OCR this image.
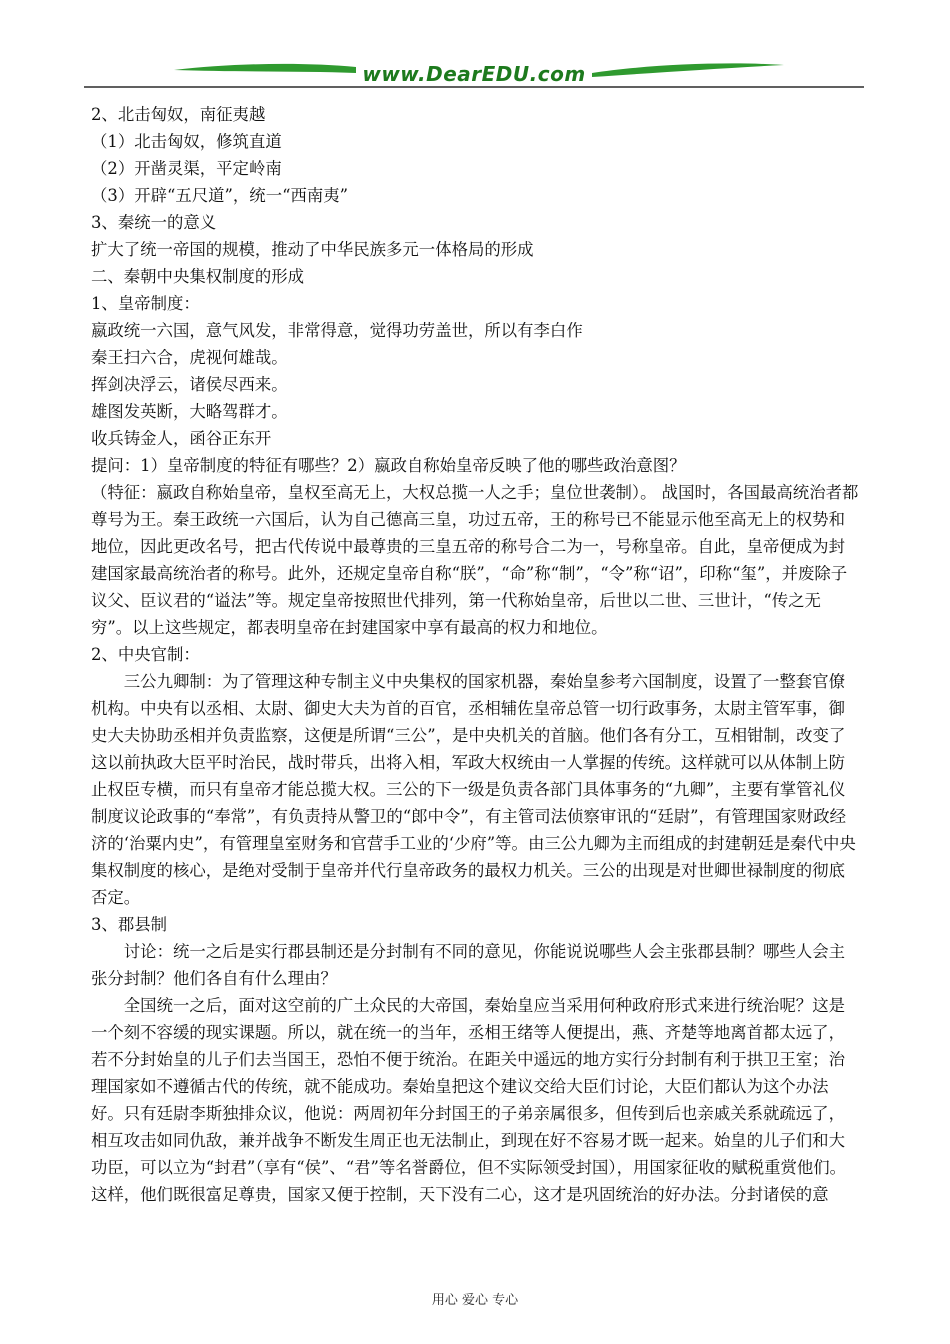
www.DearEDU.com

2、北击匈奴，南征夷越

（1）北击匈奴，修筑直道

（2）开凿灵渠，平定岭南

（3）开辟“五尺道”，统一“西南夷”

3、秦统一的意义

扩大了统一帝国的规模，推动了中华民族多元一体格局的形成

二、秦朝中央集权制度的形成

1、皇帝制度：

嬴政统一六国，意气风发，非常得意，觉得功劳盖世，所以有李白作

秦王扫六合，虎视何雄哉。

挥剑决浮云，诸侯尽西来。

雄图发英断，大略驾群才。

收兵铸金人，函谷正东开

提问：1）皇帝制度的特征有哪些？2）嬴政自称始皇帝反映了他的哪些政治意图？

（特征：嬴政自称始皇帝，皇权至高无上，大权总揽一人之手；皇位世袭制）。 战国时，各国最高统治者都尊号为王。秦王政统一六国后，认为自己德高三皇，功过五帝，王的称号已不能显示他至高无上的权势和地位，因此更改名号，把古代传说中最尊贵的三皇五帝的称号合二为一，号称皇帝。自此，皇帝便成为封建国家最高统治者的称号。此外，还规定皇帝自称“朕”，“命”称“制”，“令”称“诏”，印称“玺”，并废除子议父、臣议君的“谥法”等。规定皇帝按照世代排列，第一代称始皇帝，后世以二世、三世计，“传之无穷”。以上这些规定，都表明皇帝在封建国家中享有最高的权力和地位。

2、中央官制：

三公九卿制：为了管理这种专制主义中央集权的国家机器，秦始皇参考六国制度，设置了一整套官僚机构。中央有以丞相、太尉、御史大夫为首的百官，丞相辅佐皇帝总管一切行政事务，太尉主管军事，御史大夫协助丞相并负责监察，这便是所谓“三公”，是中央机关的首脑。他们各有分工，互相钳制，改变了这以前执政大臣平时治民，战时带兵，出将入相，军政大权统由一人掌握的传统。这样就可以从体制上防止权臣专横，而只有皇帝才能总揽大权。三公的下一级是负责各部门具体事务的“九卿”，主要有掌管礼仪制度议论政事的“奉常”，有负责持从警卫的“郎中令”，有主管司法侦察审讯的“廷尉”，有管理国家财政经济的‘治粟内史”，有管理皇室财务和官营手工业的‘少府”等。由三公九卿为主而组成的封建朝廷是秦代中央集权制度的核心，是绝对受制于皇帝并代行皇帝政务的最权力机关。三公的出现是对世卿世禄制度的彻底否定。

3、郡县制

讨论：统一之后是实行郡县制还是分封制有不同的意见，你能说说哪些人会主张郡县制？哪些人会主张分封制？他们各自有什么理由？

全国统一之后，面对这空前的广土众民的大帝国，秦始皇应当采用何种政府形式来进行统治呢？这是一个刻不容缓的现实课题。所以，就在统一的当年，丞相王绪等人便提出，燕、齐楚等地离首都太远了，若不分封始皇的儿子们去当国王，恐怕不便于统治。在距关中遥远的地方实行分封制有利于拱卫王室；治理国家如不遵循古代的传统，就不能成功。秦始皇把这个建议交给大臣们讨论，大臣们都认为这个办法好。只有廷尉李斯独排众议，他说：两周初年分封国王的子弟亲属很多，但传到后也亲戚关系就疏远了，相互攻击如同仇敌，兼并战争不断发生周正也无法制止，到现在好不容易才既一起来。始皇的儿子们和大功臣，可以立为“封君”（享有“侯”、“君”等名誉爵位，但不实际领受封国），用国家征收的赋税重赏他们。这样，他们既很富足尊贵，国家又便于控制，天下没有二心，这才是巩固统治的好办法。分封诸侯的意

用心 爱心 专心
